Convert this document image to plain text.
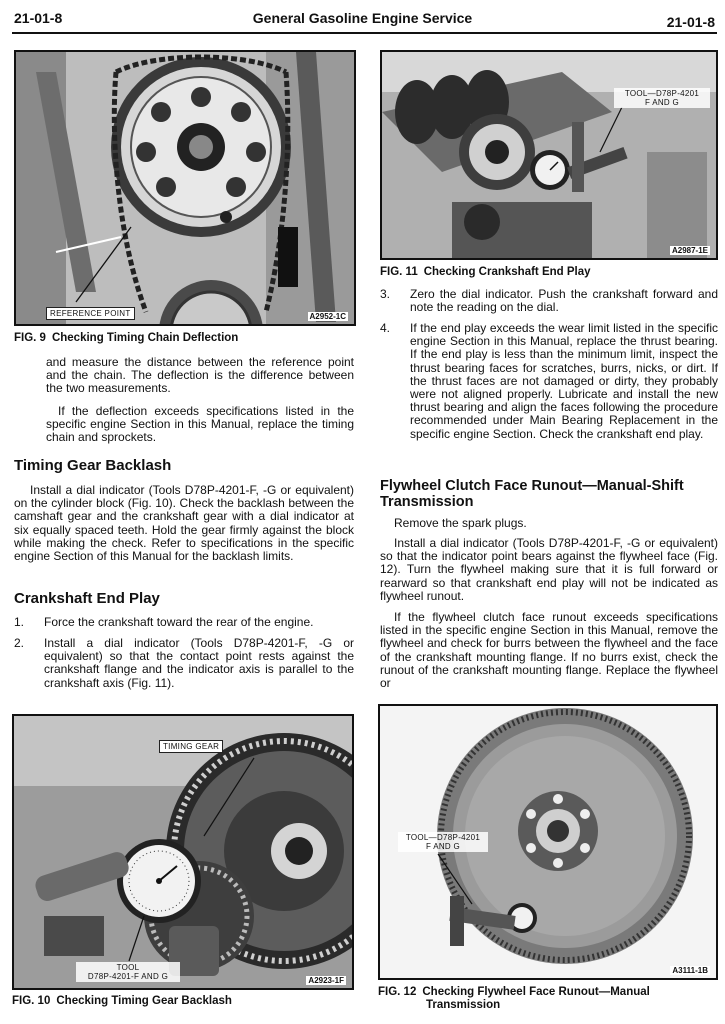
21-01-8	General Gasoline Engine Service	21-01-8
REFERENCE POINT	A2952-1C
FIG. 9 Checking Timing Chain Deflection
and measure the distance between the reference point and the chain. The deflection is the difference between the two measurements.
If the deflection exceeds specifications listed in the specific engine Section in this Manual, replace the timing chain and sprockets.
Timing Gear Backlash
Install a dial indicator (Tools D78P-4201-F, -G or equivalent) on the cylinder block (Fig. 10). Check the backlash between the camshaft gear and the crankshaft gear with a dial indicator at six equally spaced teeth. Hold the gear firmly against the block while making the check. Refer to specifications in the specific engine Section of this Manual for the backlash limits.
Crankshaft End Play
1. Force the crankshaft toward the rear of the engine.
2. Install a dial indicator (Tools D78P-4201-F, -G or equivalent) so that the contact point rests against the crankshaft flange and the indicator axis is parallel to the crankshaft axis (Fig. 11).
TIMING GEAR
TOOL
D78P-4201-F AND G	A2923-1F
FIG. 10 Checking Timing Gear Backlash
TOOL—D78P-4201
F AND G
A2987-1E
FIG. 11 Checking Crankshaft End Play
3. Zero the dial indicator. Push the crankshaft forward and note the reading on the dial.
4. If the end play exceeds the wear limit listed in the specific engine Section in this Manual, replace the thrust bearing. If the end play is less than the minimum limit, inspect the thrust bearing faces for scratches, burrs, nicks, or dirt. If the thrust faces are not damaged or dirty, they probably were not aligned properly. Lubricate and install the new thrust bearing and align the faces following the procedure recommended under Main Bearing Replacement in the specific engine Section. Check the crankshaft end play.
Flywheel Clutch Face Runout—Manual-Shift
Transmission
Remove the spark plugs.
Install a dial indicator (Tools D78P-4201-F, -G or equivalent) so that the indicator point bears against the flywheel face (Fig. 12). Turn the flywheel making sure that it is full forward or rearward so that crankshaft end play will not be indicated as flywheel runout.
If the flywheel clutch face runout exceeds specifications listed in the specific engine Section in this Manual, remove the flywheel and check for burrs between the flywheel and the face of the crankshaft mounting flange. If no burrs exist, check the runout of the crankshaft mounting flange. Replace the flywheel or
TOOL—D78P-4201
F AND G
A3111-1B
FIG. 12 Checking Flywheel Face Runout—Manual
Transmission
